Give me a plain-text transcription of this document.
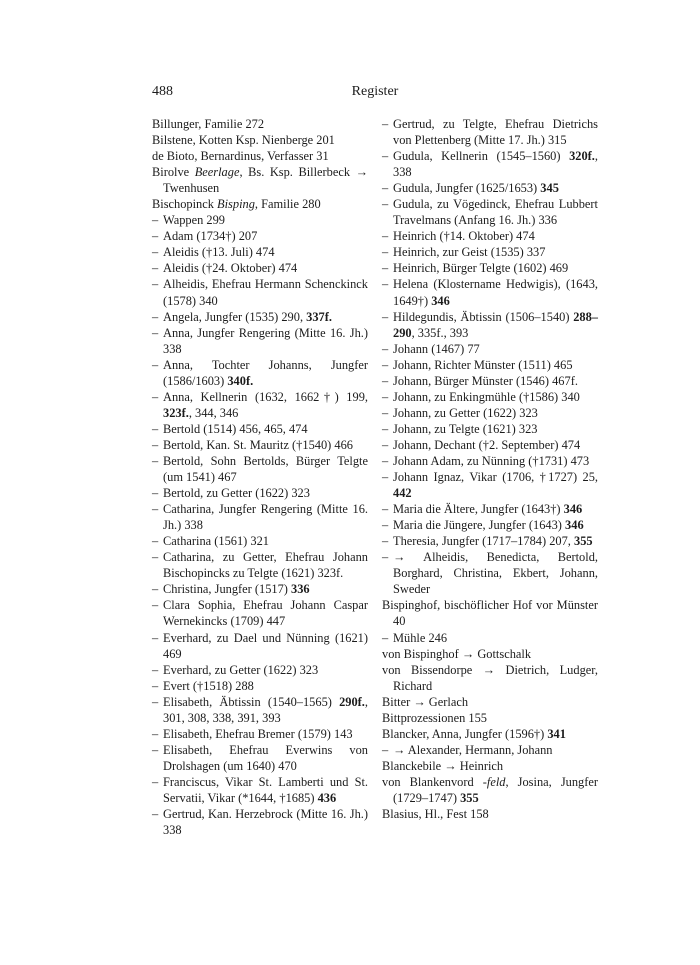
488	Register
Billunger, Familie 272
Bilstene, Kotten Ksp. Nienberge 201
de Bioto, Bernardinus, Verfasser 31
Birolve Beerlage, Bs. Ksp. Billerbeck → Twenhusen
Bischopinck Bisping, Familie 280
– Wappen 299
– Adam (1734†) 207
– Aleidis (†13. Juli) 474
– Aleidis (†24. Oktober) 474
– Alheidis, Ehefrau Hermann Schenckinck (1578) 340
– Angela, Jungfer (1535) 290, 337f.
– Anna, Jungfer Rengering (Mitte 16. Jh.) 338
– Anna, Tochter Johanns, Jungfer (1586/1603) 340f.
– Anna, Kellnerin (1632, 1662†) 199, 323f., 344, 346
– Bertold (1514) 456, 465, 474
– Bertold, Kan. St. Mauritz (†1540) 466
– Bertold, Sohn Bertolds, Bürger Telgte (um 1541) 467
– Bertold, zu Getter (1622) 323
– Catharina, Jungfer Rengering (Mitte 16. Jh.) 338
– Catharina (1561) 321
– Catharina, zu Getter, Ehefrau Johann Bischopincks zu Telgte (1621) 323f.
– Christina, Jungfer (1517) 336
– Clara Sophia, Ehefrau Johann Caspar Wernekincks (1709) 447
– Everhard, zu Dael und Nünning (1621) 469
– Everhard, zu Getter (1622) 323
– Evert (†1518) 288
– Elisabeth, Äbtissin (1540–1565) 290f., 301, 308, 338, 391, 393
– Elisabeth, Ehefrau Bremer (1579) 143
– Elisabeth, Ehefrau Everwins von Drolshagen (um 1640) 470
– Franciscus, Vikar St. Lamberti und St. Servatii, Vikar (*1644, †1685) 436
– Gertrud, Kan. Herzebrock (Mitte 16. Jh.) 338
– Gertrud, zu Telgte, Ehefrau Dietrichs von Plettenberg (Mitte 17. Jh.) 315
– Gudula, Kellnerin (1545–1560) 320f., 338
– Gudula, Jungfer (1625/1653) 345
– Gudula, zu Vögedinck, Ehefrau Lubbert Travelmans (Anfang 16. Jh.) 336
– Heinrich (†14. Oktober) 474
– Heinrich, zur Geist (1535) 337
– Heinrich, Bürger Telgte (1602) 469
– Helena (Klostername Hedwigis), (1643, 1649†) 346
– Hildegundis, Äbtissin (1506–1540) 288–290, 335f., 393
– Johann (1467) 77
– Johann, Richter Münster (1511) 465
– Johann, Bürger Münster (1546) 467f.
– Johann, zu Enkingmühle (†1586) 340
– Johann, zu Getter (1622) 323
– Johann, zu Telgte (1621) 323
– Johann, Dechant (†2. September) 474
– Johann Adam, zu Nünning (†1731) 473
– Johann Ignaz, Vikar (1706, †1727) 25, 442
– Maria die Ältere, Jungfer (1643†) 346
– Maria die Jüngere, Jungfer (1643) 346
– Theresia, Jungfer (1717–1784) 207, 355
– → Alheidis, Benedicta, Bertold, Borghard, Christina, Ekbert, Johann, Sweder
Bispinghof, bischöflicher Hof vor Münster 40
– Mühle 246
von Bispinghof → Gottschalk
von Bissendorpe → Dietrich, Ludger, Richard
Bitter → Gerlach
Bittprozessionen 155
Blancker, Anna, Jungfer (1596†) 341
– → Alexander, Hermann, Johann
Blanckebile → Heinrich
von Blankenvord -feld, Josina, Jungfer (1729–1747) 355
Blasius, Hl., Fest 158
